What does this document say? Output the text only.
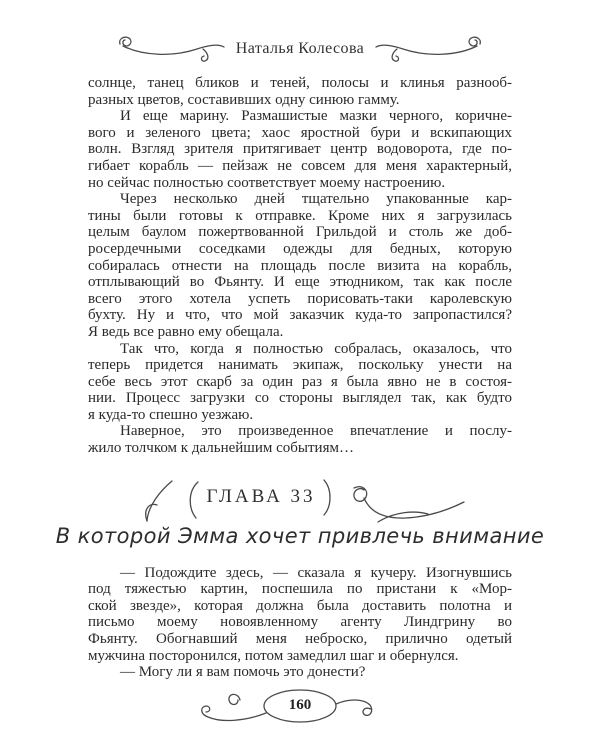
Наталья Колесова
солнце, танец бликов и теней, полосы и клинья разнооб-
разных цветов, составивших одну синюю гамму.
И еще марину. Размашистые мазки черного, коричне-
вого и зеленого цвета; хаос яростной бури и вскипающих
волн. Взгляд зрителя притягивает центр водоворота, где по-
гибает корабль — пейзаж не совсем для меня характерный,
но сейчас полностью соответствует моему настроению.
Через несколько дней тщательно упакованные кар-
тины были готовы к отправке. Кроме них я загрузилась
целым баулом пожертвованной Грильдой и столь же доб-
росердечными соседками одежды для бедных, которую
собиралась отнести на площадь после визита на корабль,
отплывающий во Фьянту. И еще этюдником, так как после
всего этого хотела успеть порисовать-таки каролевскую
бухту. Ну и что, что мой заказчик куда-то запропастился?
Я ведь все равно ему обещала.
Так что, когда я полностью собралась, оказалось, что
теперь придется нанимать экипаж, поскольку унести на
себе весь этот скарб за один раз я была явно не в состоя-
нии. Процесс загрузки со стороны выглядел так, как будто
я куда-то спешно уезжаю.
Наверное, это произведенное впечатление и послу-
жило толчком к дальнейшим событиям…
ГЛАВА 33
В которой Эмма хочет привлечь внимание
— Подождите здесь, — сказала я кучеру. Изогнувшись
под тяжестью картин, поспешила по пристани к «Мор-
ской звезде», которая должна была доставить полотна и
письмо моему новоявленному агенту Линдгрину во
Фьянту. Обогнавший меня неброско, прилично одетый
мужчина посторонился, потом замедлил шаг и обернулся.
— Могу ли я вам помочь это донести?
160
